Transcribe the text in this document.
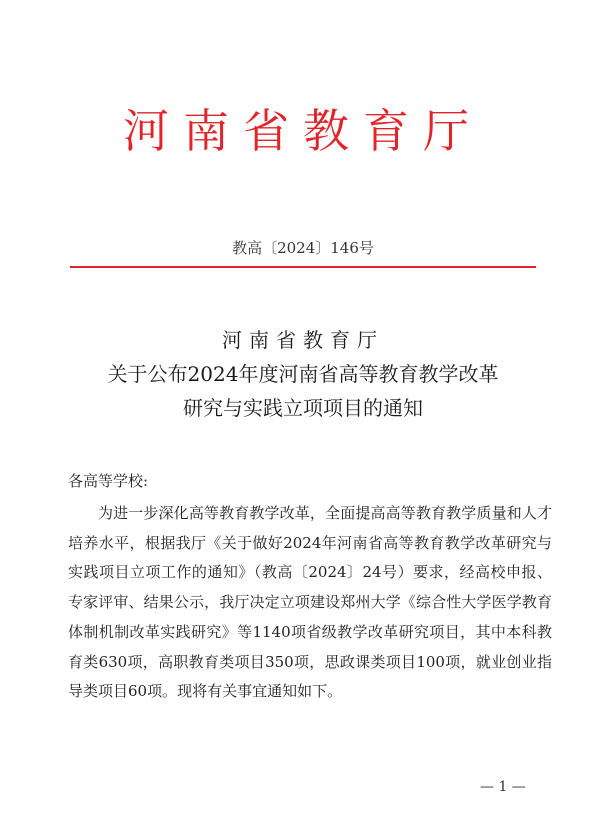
河南省教育厅
教高〔2024〕146号
河南省教育厅
关于公布2024年度河南省高等教育教学改革
研究与实践立项项目的通知
各高等学校:
为进一步深化高等教育教学改革，全面提高高等教育教学质量和人才培养水平，根据我厅《关于做好2024年河南省高等教育教学改革研究与实践项目立项工作的通知》（教高〔2024〕24号）要求，经高校申报、专家评审、结果公示，我厅决定立项建设郑州大学《综合性大学医学教育体制机制改革实践研究》等1140项省级教学改革研究项目，其中本科教育类630项，高职教育类项目350项，思政课类项目100项，就业创业指导类项目60项。现将有关事宜通知如下。
— 1 —
